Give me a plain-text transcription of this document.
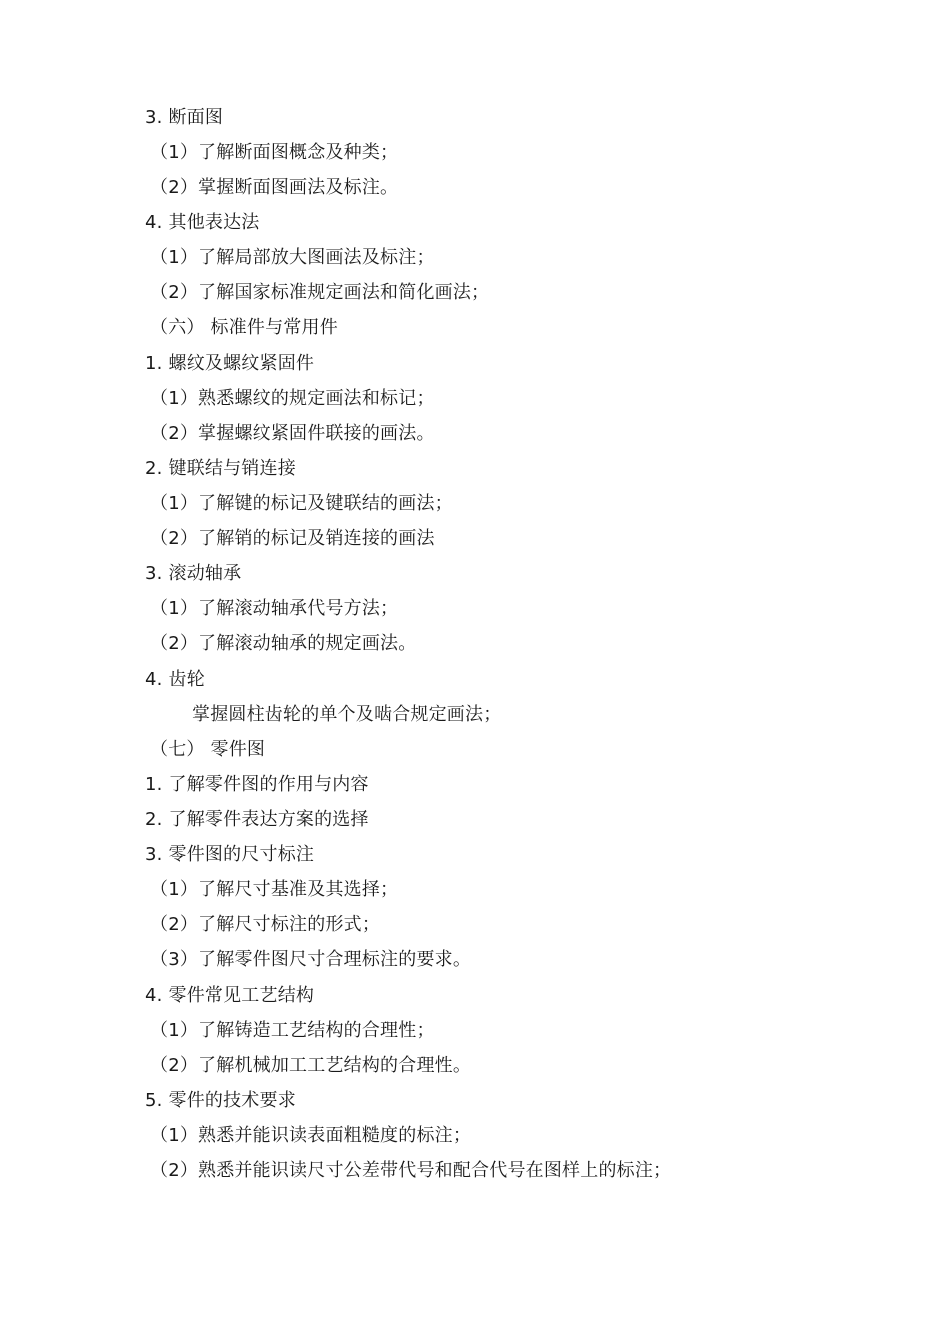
3. 断面图
（1）了解断面图概念及种类；
（2）掌握断面图画法及标注。
4. 其他表达法
（1）了解局部放大图画法及标注；
（2）了解国家标准规定画法和简化画法；
（六） 标准件与常用件
1. 螺纹及螺纹紧固件
（1）熟悉螺纹的规定画法和标记；
（2）掌握螺纹紧固件联接的画法。
2. 键联结与销连接
（1）了解键的标记及键联结的画法；
（2）了解销的标记及销连接的画法
3. 滚动轴承
（1）了解滚动轴承代号方法；
（2）了解滚动轴承的规定画法。
4. 齿轮
掌握圆柱齿轮的单个及啮合规定画法；
（七） 零件图
1. 了解零件图的作用与内容
2. 了解零件表达方案的选择
3. 零件图的尺寸标注
（1）了解尺寸基准及其选择；
（2）了解尺寸标注的形式；
（3）了解零件图尺寸合理标注的要求。
4. 零件常见工艺结构
（1）了解铸造工艺结构的合理性；
（2）了解机械加工工艺结构的合理性。
5. 零件的技术要求
（1）熟悉并能识读表面粗糙度的标注；
（2）熟悉并能识读尺寸公差带代号和配合代号在图样上的标注；
